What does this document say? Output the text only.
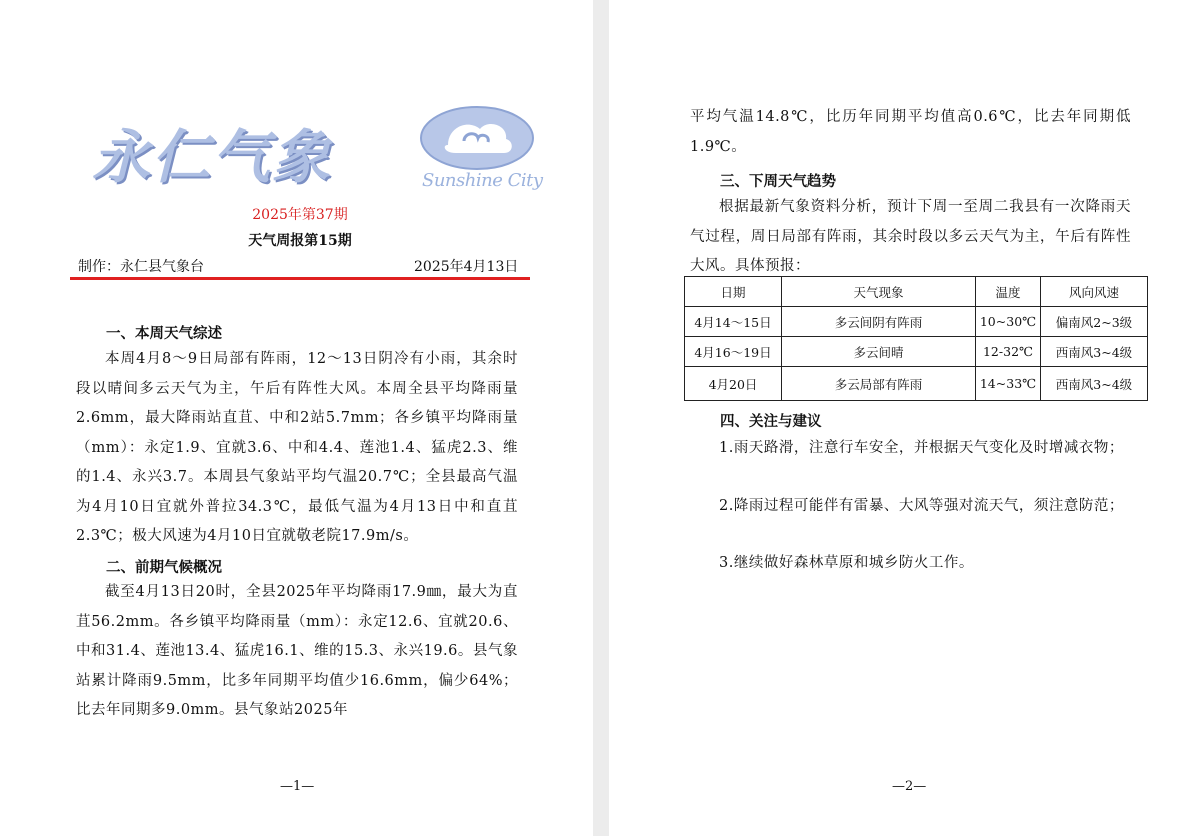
永仁气象	Sunshine City
2025年第37期
天气周报第15期
制作：永仁县气象台	2025年4月13日
一、本周天气综述
本周4月8～9日局部有阵雨，12～13日阴冷有小雨，其余时段以晴间多云天气为主，午后有阵性大风。本周全县平均降雨量2.6mm，最大降雨站直苴、中和2站5.7mm；各乡镇平均降雨量（mm）：永定1.9、宜就3.6、中和4.4、莲池1.4、猛虎2.3、维的1.4、永兴3.7。本周县气象站平均气温20.7℃；全县最高气温为4月10日宜就外普拉34.3℃，最低气温为4月13日中和直苴2.3℃；极大风速为4月10日宜就敬老院17.9m/s。
二、前期气候概况
截至4月13日20时，全县2025年平均降雨17.9㎜，最大为直苴56.2mm。各乡镇平均降雨量（mm）：永定12.6、宜就20.6、中和31.4、莲池13.4、猛虎16.1、维的15.3、永兴19.6。县气象站累计降雨9.5mm，比多年同期平均值少16.6mm，偏少64%；比去年同期多9.0mm。县气象站2025年
—1—
平均气温14.8℃，比历年同期平均值高0.6℃，比去年同期低1.9℃。
三、下周天气趋势
根据最新气象资料分析，预计下周一至周二我县有一次降雨天气过程，周日局部有阵雨，其余时段以多云天气为主，午后有阵性大风。具体预报：
日期	天气现象	温度	风向风速
4月14～15日	多云间阴有阵雨	10~30℃	偏南风2~3级
4月16～19日	多云间晴	12-32℃	西南风3~4级
4月20日	多云局部有阵雨	14~33℃	西南风3~4级
四、关注与建议
1.雨天路滑，注意行车安全，并根据天气变化及时增减衣物；
2.降雨过程可能伴有雷暴、大风等强对流天气，须注意防范；
3.继续做好森林草原和城乡防火工作。
—2—
